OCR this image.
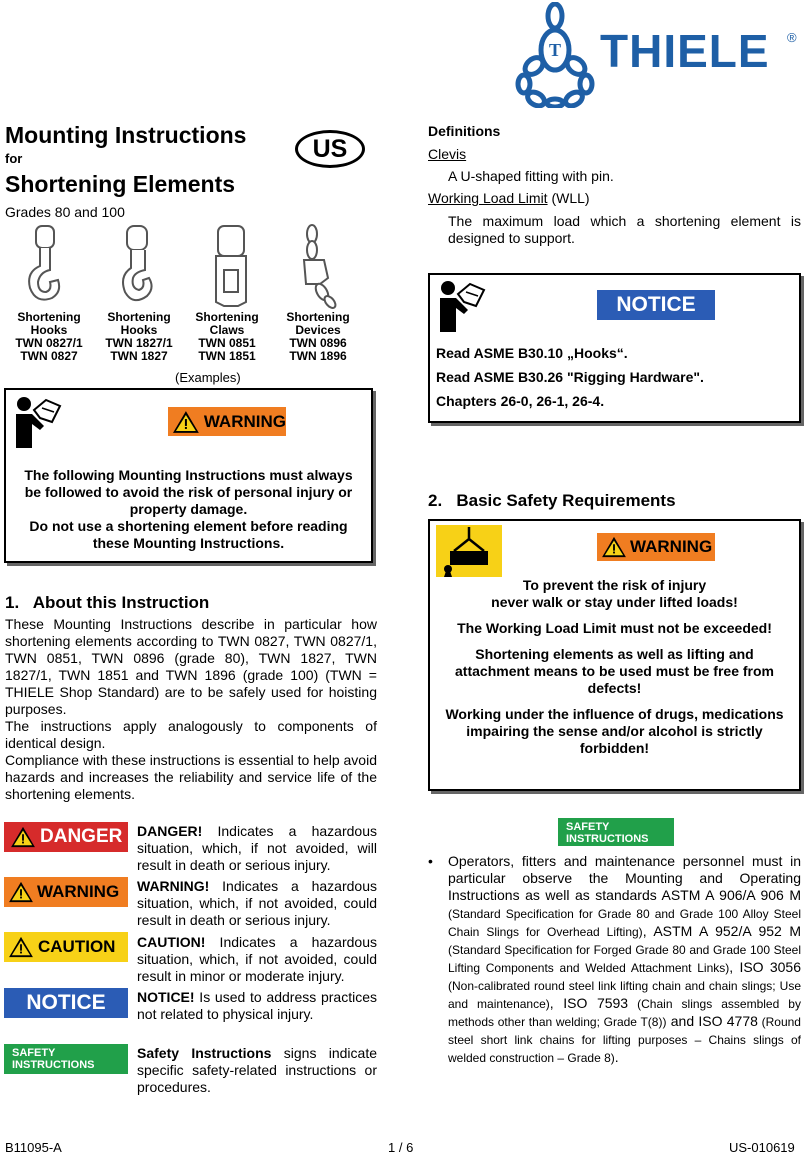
T THIELE ®
Mounting Instructions
for
Shortening Elements
Grades 80 and 100
US
Shortening
Hooks
TWN 0827/1
TWN 0827
Shortening
Hooks
TWN 1827/1
TWN 1827
Shortening
Claws
TWN 0851
TWN 1851
Shortening
Devices
TWN 0896
TWN 1896
(Examples)
WARNING
The following Mounting Instructions must always
be followed to avoid the risk of personal injury or
property damage.
Do not use a shortening element before reading
these Mounting Instructions.
1.   About this Instruction
These Mounting Instructions describe in particular how shortening elements according to TWN 0827, TWN 0827/1, TWN 0851, TWN 0896 (grade 80), TWN 1827, TWN 1827/1, TWN 1851 and TWN 1896 (grade 100) (TWN = THIELE Shop Standard) are to be safely used for hoisting purposes.
The instructions apply analogously to components of identical design.
Compliance with these instructions is essential to help avoid hazards and increases the reliability and service life of the shortening elements.
DANGER
WARNING
CAUTION
NOTICE
SAFETY
INSTRUCTIONS
DANGER! Indicates a hazardous situation, which, if not avoided, will result in death or serious injury.
WARNING! Indicates a hazardous situation, which, if not avoided, could result in death or serious injury.
CAUTION! Indicates a hazardous situation, which, if not avoided, could result in minor or moderate injury.
NOTICE! Is used to address practices not related to physical injury.
Safety Instructions signs indicate specific safety-related instructions or procedures.
Definitions
Clevis
A U-shaped fitting with pin.
Working Load Limit (WLL)
The maximum load which a shortening element is designed to support.
NOTICE
Read ASME B30.10 „Hooks“.
Read ASME B30.26 "Rigging Hardware".
Chapters 26-0, 26-1, 26-4.
2.   Basic Safety Requirements
WARNING
To prevent the risk of injury
never walk or stay under lifted loads!
The Working Load Limit must not be exceeded!
Shortening elements as well as lifting and
attachment means to be used must be free from
defects!
Working under the influence of drugs, medications
impairing the sense and/or alcohol is strictly
forbidden!
SAFETY
INSTRUCTIONS
• Operators, fitters and maintenance personnel must in particular observe the Mounting and Operating Instructions as well as standards ASTM A 906/A 906 M (Standard Specification for Grade 80 and Grade 100 Alloy Steel Chain Slings for Overhead Lifting), ASTM A 952/A 952 M (Standard Specification for Forged Grade 80 and Grade 100 Steel Lifting Components and Welded Attachment Links), ISO 3056 (Non-calibrated round steel link lifting chain and chain slings; Use and maintenance), ISO 7593 (Chain slings assembled by methods other than welding; Grade T(8)) and ISO 4778 (Round steel short link chains for lifting purposes – Chains slings of welded construction – Grade 8).
B11095-A	1 / 6	US-010619
